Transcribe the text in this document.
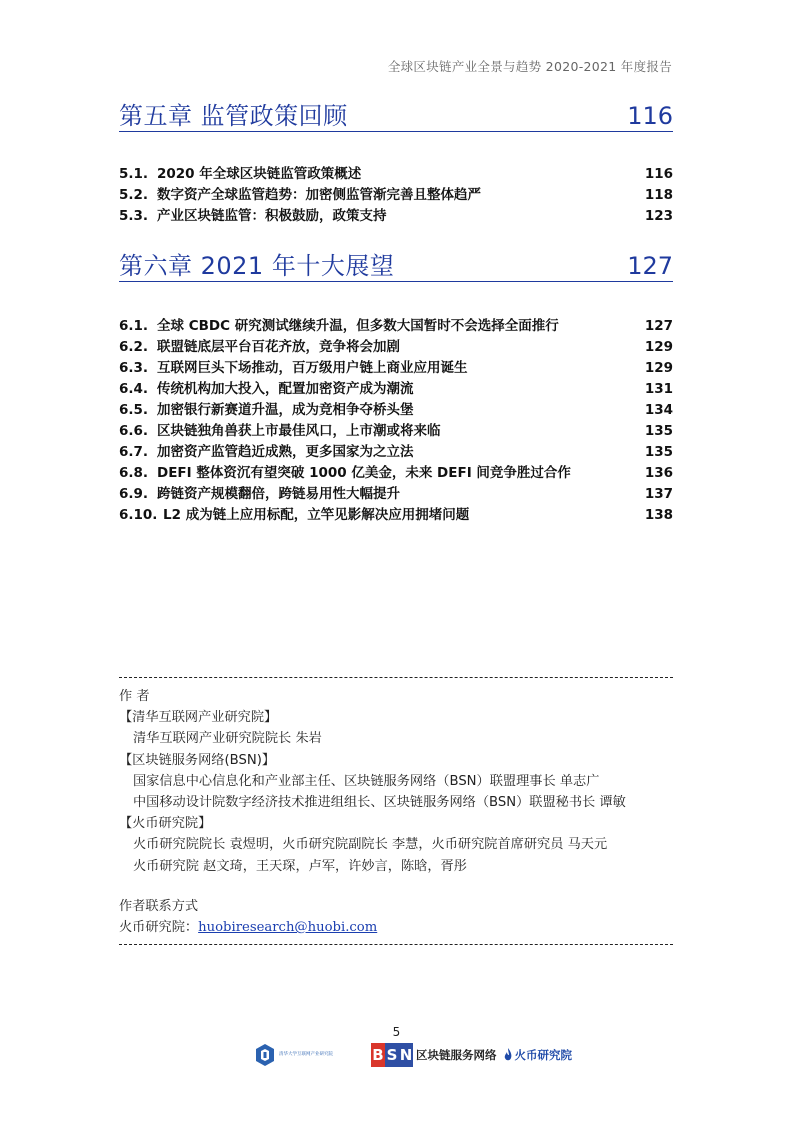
全球区块链产业全景与趋势 2020-2021 年度报告
第五章 监管政策回顾	116
5.1. 2020 年全球区块链监管政策概述	116
5.2. 数字资产全球监管趋势：加密侧监管渐完善且整体趋严	118
5.3. 产业区块链监管：积极鼓励，政策支持	123
第六章 2021 年十大展望	127
6.1. 全球 CBDC 研究测试继续升温，但多数大国暂时不会选择全面推行	127
6.2. 联盟链底层平台百花齐放，竞争将会加剧	129
6.3. 互联网巨头下场推动，百万级用户链上商业应用诞生	129
6.4. 传统机构加大投入，配置加密资产成为潮流	131
6.5. 加密银行新赛道升温，成为竞相争夺桥头堡	134
6.6. 区块链独角兽获上市最佳风口，上市潮或将来临	135
6.7. 加密资产监管趋近成熟，更多国家为之立法	135
6.8. DEFI 整体资沉有望突破 1000 亿美金，未来 DEFI 间竞争胜过合作	136
6.9. 跨链资产规模翻倍，跨链易用性大幅提升	137
6.10. L2 成为链上应用标配，立竿见影解决应用拥堵问题	138
作 者
【清华互联网产业研究院】
清华互联网产业研究院院长 朱岩
【区块链服务网络(BSN)】
国家信息中心信息化和产业部主任、区块链服务网络（BSN）联盟理事长 单志广
中国移动设计院数字经济技术推进组组长、区块链服务网络（BSN）联盟秘书长 谭敏
【火币研究院】
火币研究院院长 袁煜明，火币研究院副院长 李慧，火币研究院首席研究员 马天元
火币研究院 赵文琦，王天琛，卢军，许妙言，陈晗，胥彤
作者联系方式
火币研究院：huobiresearch@huobi.com
5
清华大学互联网产业研究院	B S N 区块链服务网络 火币研究院
